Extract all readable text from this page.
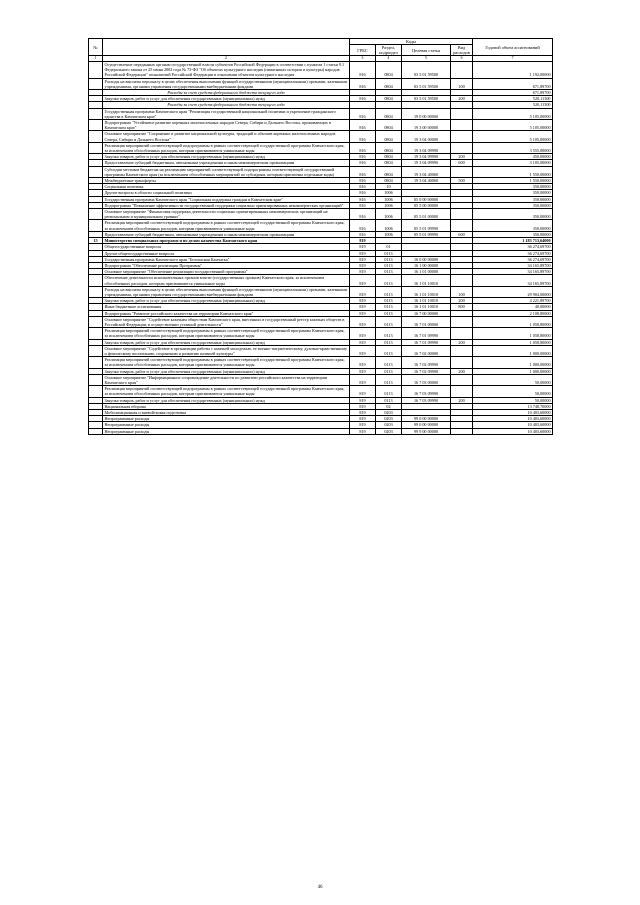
№		Коды				Годовой объем ассигнований
		ГРБС	Раздел, подраздел	Целевая статья	Вид расходов	
1	2	3	4	5	6	7
	Осуществление переданных органам государственной власти субъектов Российской Федерации в соответствии с пунктом 1 статьи 9.1 Федерального закона от 25 июня 2002 года № 73-ФЗ "Об объектах культурного наследия (памятниках истории и культуры) народов Российской Федерации" полномочий Российской Федерации в отношении объектов культурного наследия	816	0804	03 5 01 59500		1 192,00000
	Расходы на выплаты персоналу в целях обеспечения выполнения функций государственными (муниципальными) органами, казенными учреждениями, органами управления государственными внебюджетными фондами	816	0804	03 5 01 59500	100	671,89700
	Расходы за счет средств федерального бюджета текущего года					671,89700
	Закупка товаров, работ и услуг для обеспечения государственных (муниципальных) нужд	816	0804	03 5 01 59500	200	520,11300
	Расходы за счет средств федерального бюджета текущего года					520,11300
	Государственная программа Камчатского края "Реализация государственной национальной политики и укрепление гражданского единства в Камчатском крае"	816	0804	19 0 00 00000		5 105,00000
	Подпрограмма "Устойчивое развитие коренных малочисленных народов Севера, Сибири и Дальнего Востока, проживающих в Камчатском крае"	816	0804	19 3 00 00000		5 105,00000
	Основное мероприятие "Сохранение и развитие национальной культуры, традиций и обычаев коренных малочисленных народов Севера, Сибири и Дальнего Востока"	816	0804	19 3 04 00000		5 105,00000
	Реализация мероприятий соответствующей подпрограммы в рамках соответствующей государственной программы Камчатского края, за исключением обособленных расходов, которым присваиваются уникальные коды	816	0804	19 3 04 09990		3 555,00000
	Закупка товаров, работ и услуг для обеспечения государственных (муниципальных) нужд	816	0804	19 3 04 09990	200	450,00000
	Предоставление субсидий бюджетным, автономным учреждениям и иным некоммерческим организациям	816	0804	19 3 04 09990	600	3 105,00000
	Субсидии местным бюджетам на реализацию мероприятий соответствующей подпрограммы соответствующей государственной программы Камчатского края (за исключением обособленных мероприятий по субсидиям, которым присвоены отдельные коды)	816	0804	19 3 04 40060		1 550,00000
	Межбюджетные трансферты	816	0804	19 3 04 40060	500	1 550,00000
	Социальная политика	816	10			350,00000
	Другие вопросы в области социальной политики	816	1006			350,00000
	Государственная программа Камчатского края "Социальная поддержка граждан в Камчатском крае"	816	1006	05 0 00 00000		350,00000
	Подпрограмма "Повышение эффективности государственной поддержки социально ориентированных некоммерческих организаций"	816	1006	05 5 00 00000		350,00000
	Основное мероприятие "Финансовая поддержка деятельности социально ориентированных некоммерческих организаций на региональном и муниципальном уровнях"	816	1006	05 5 01 00000		350,00000
	Реализация мероприятий соответствующей подпрограммы в рамках соответствующей государственной программы Камчатского края, за исключением обособленных расходов, которым присваиваются уникальные коды	816	1006	05 5 01 09990		350,00000
	Предоставление субсидий бюджетным, автономным учреждениям и иным некоммерческим организациям	816	1006	05 5 01 09990	600	350,00000
15	Министерство специальных программ и по делам казачества Камчатского края	819				1 183 713,64000
	Общегосударственные вопросы	819	01			36 274,69700
	Другие общегосударственные вопросы	819	0113			36 274,69700
	Государственная программа Камчатского края "Безопасная Камчатка"	819	0113	16 0 00 00000		36 274,69700
	Подпрограмма "Обеспечение реализации Программы"	819	0113	16 1 00 00000		34 165,89700
	Основное мероприятие "Обеспечение реализации государственной программы"	819	0113	16 1 01 00000		34 165,89700
	Обеспечение деятельности исполнительных органов власти (государственных органов) Камчатского края, за исключением обособленных расходов, которым присваиваются уникальные коды	819	0113	16 1 01 10010		34 165,89700
	Расходы на выплаты персоналу в целях обеспечения выполнения функций государственными (муниципальными) органами, казенными учреждениями, органами управления государственными внебюджетными фондами	819	0113	16 1 01 10010	100	29 904,00000
	Закупка товаров, работ и услуг для обеспечения государственных (муниципальных) нужд	819	0113	16 1 01 10010	200	4 221,89700
	Иные бюджетные ассигнования	819	0113	16 1 01 10010	800	40,00000
	Подпрограмма "Развитие российского казачества на территории Камчатского края"	819	0113	16 7 00 00000		2 108,80000
	Основное мероприятие "Содействие казачьим обществам Камчатского края, внесенных в государственный реестр казачьих обществ в Российской Федерации, в осуществлении уставной деятельности"	819	0113	16 7 01 00000		1 058,80000
	Реализация мероприятий соответствующей подпрограммы в рамках соответствующей государственной программы Камчатского края, за исключением обособленных расходов, которым присваиваются уникальные коды	819	0113	16 7 01 09990		1 058,80000
	Закупка товаров, работ и услуг для обеспечения государственных (муниципальных) нужд	819	0113	16 7 01 09990	200	1 058,80000
	Основное мероприятие "Содействие в организации работы с казачьей молодежью, ее военно-патриотическому, духовно-нравственному и физическому воспитанию, сохранению и развитию казачьей культуры"	819	0113	16 7 02 00000		1 000,00000
	Реализация мероприятий соответствующей подпрограммы в рамках соответствующей государственной программы Камчатского края, за исключением обособленных расходов, которым присваиваются уникальные коды	819	0113	16 7 02 09990		1 000,00000
	Закупка товаров, работ и услуг для обеспечения государственных (муниципальных) нужд	819	0113	16 7 02 09990	200	1 000,00000
	Основное мероприятие "Информационное сопровождение деятельности по развитию российского казачества на территории Камчатского края"	819	0113	16 7 03 00000		50,00000
	Реализация мероприятий соответствующей подпрограммы в рамках соответствующей государственной программы Камчатского края, за исключением обособленных расходов, которым присваиваются уникальные коды	819	0113	16 7 03 09990		50,00000
	Закупка товаров, работ и услуг для обеспечения государственных (муниципальных) нужд	819	0113	16 7 03 09990	200	50,00000
	Национальная оборона	819	02			13 748,70000
	Мобилизационная и вневойсковая подготовка	819	0203			10 403,60000
	Непрограммные расходы	819	0203	99 0 00 00000		10 403,60000
	Непрограммные расходы	819	0203	99 0 00 00000		10 403,60000
	Непрограммные расходы	819	0203	99 9 00 00000		10 403,60000
46
